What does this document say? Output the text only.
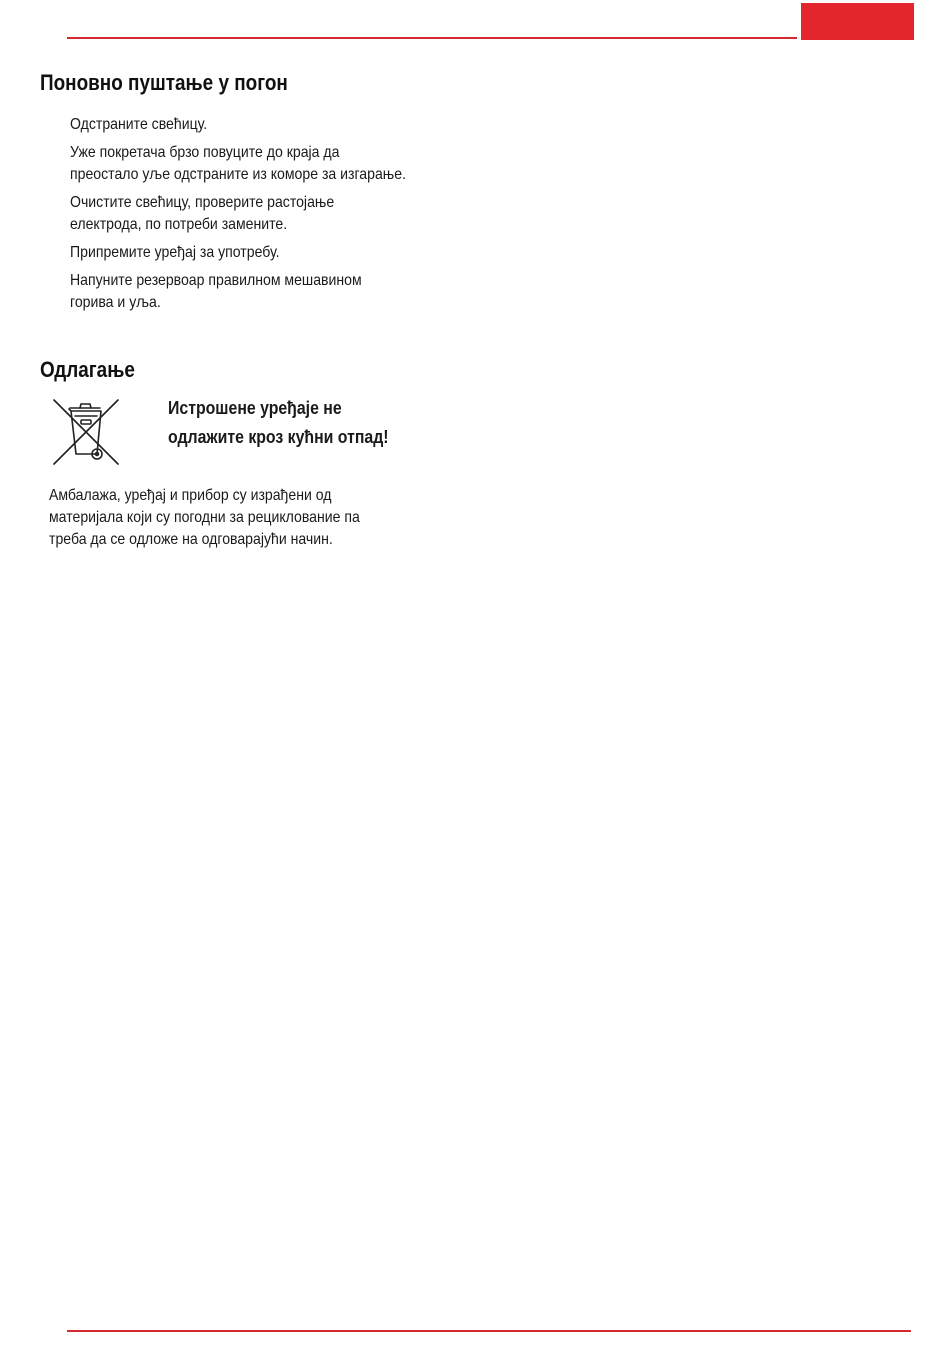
Поновно пуштање у погон
Одстраните свећицу.
Уже покретача брзо повуците до краја да
преостало уље одстраните из коморе за изгарање.
Очистите свећицу, проверите растојање
електрода, по потреби замените.
Припремите уређај за употребу.
Напуните резервоар правилном мешавином
горива и уља.
Одлагање
Истрошене уређаје не
одлажите кроз кућни отпад!
Амбалажа, уређај и прибор су израђени од
материјала који су погодни за рециклование па
треба да се одложе на одговарајући начин.
